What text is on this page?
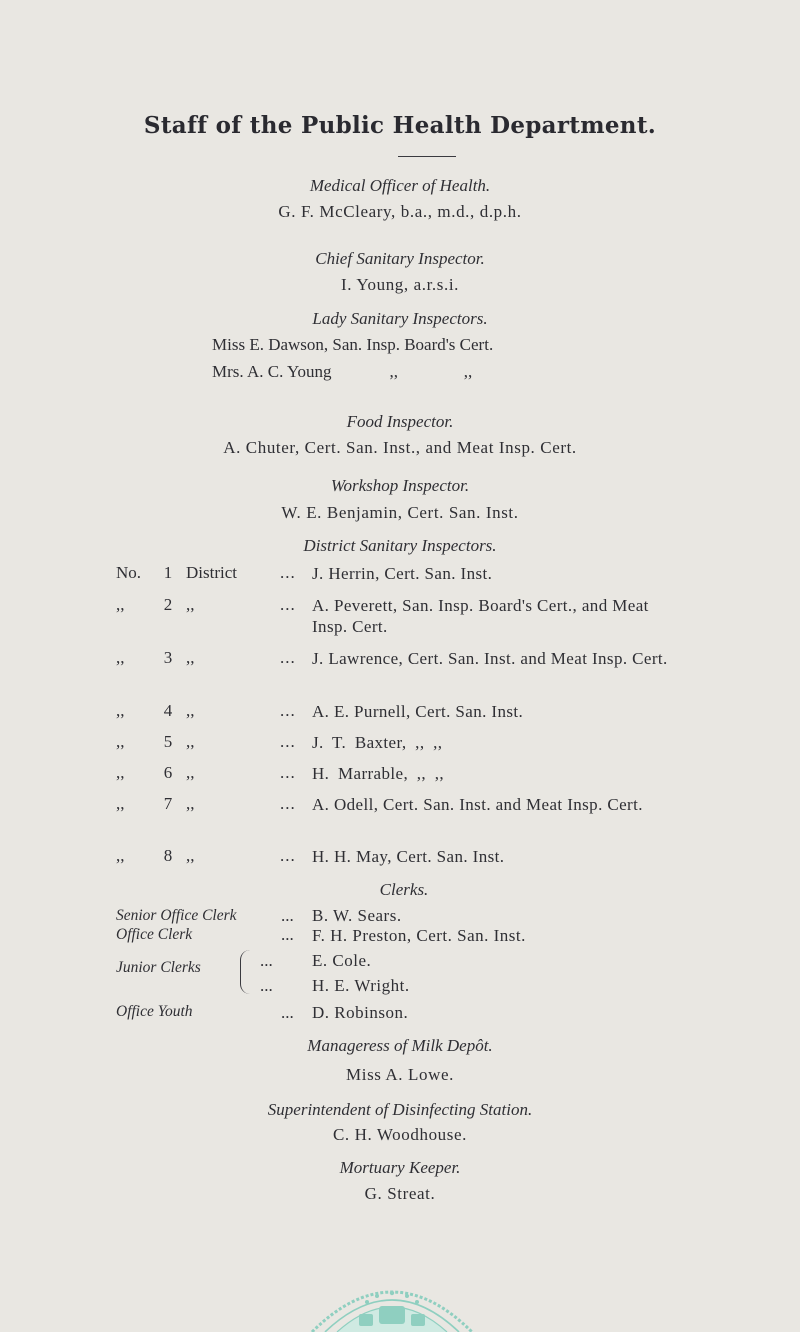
Staff of the Public Health Department.
Medical Officer of Health.
G. F. McCleary, b.a., m.d., d.p.h.
Chief Sanitary Inspector.
I. Young, a.r.s.i.
Lady Sanitary Inspectors.
Miss E. Dawson, San. Insp. Board's Cert.
Mrs. A. C. Young	,,	,,
Food Inspector.
A. Chuter, Cert. San. Inst., and Meat Insp. Cert.
Workshop Inspector.
W. E. Benjamin, Cert. San. Inst.
District Sanitary Inspectors.
No. 1 District	... J. Herrin, Cert. San. Inst.
,,	2 ,,	... A. Peverett, San. Insp. Board's Cert., and Meat Insp. Cert.
,,	3 ,,	... J. Lawrence, Cert. San. Inst. and Meat Insp. Cert.
,,	4 ,,	... A. E. Purnell, Cert. San. Inst.
,,	5 ,,	... J. T. Baxter, ,, ,,
,,	6 ,,	... H. Marrable, ,, ,,
,,	7 ,,	... A. Odell, Cert. San. Inst. and Meat Insp. Cert.
,,	8 ,,	... H. H. May, Cert. San. Inst.
Clerks.
Senior Office Clerk	... B. W. Sears.
Office Clerk	... F. H. Preston, Cert. San. Inst.
Junior Clerks	... E. Cole.
... H. E. Wright.
Office Youth	... D. Robinson.
Manageress of Milk Depôt.
Miss A. Lowe.
Superintendent of Disinfecting Station.
C. H. Woodhouse.
Mortuary Keeper.
G. Streat.
